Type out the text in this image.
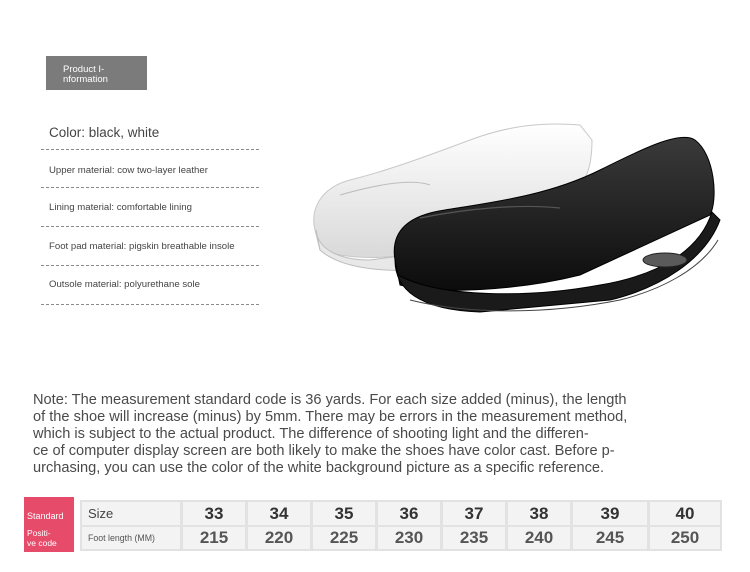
Product I-
nformation
Color: black, white
Upper material: cow two-layer leather
Lining material: comfortable lining
Foot pad material: pigskin breathable insole
Outsole material: polyurethane sole
Note: The measurement standard code is 36 yards. For each size added (minus), the length
of the shoe will increase (minus) by 5mm. There may be errors in the measurement method,
which is subject to the actual product. The difference of shooting light and the differen-
ce of computer display screen are both likely to make the shoes have color cast. Before p-
urchasing, you can use the color of the white background picture as a specific reference.
Standard
Positi-
ve code
Size	33	34	35	36	37	38	39	40
Foot length (MM)	215	220	225	230	235	240	245	250
